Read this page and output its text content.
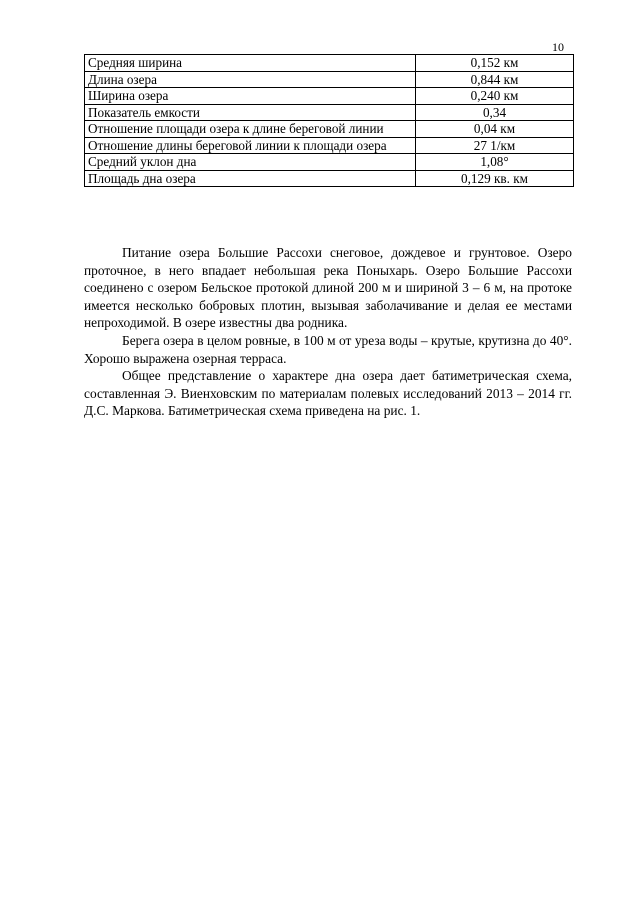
10
Средняя ширина	0,152 км
Длина озера	0,844 км
Ширина озера	0,240 км
Показатель емкости	0,34
Отношение площади озера к длине береговой линии	0,04 км
Отношение длины береговой линии к площади озера	27 1/км
Средний уклон дна	1,08°
Площадь дна озера	0,129 кв. км

Питание озера Большие Рассохи снеговое, дождевое и грунтовое. Озеро проточное, в него впадает небольшая река Поныхарь. Озеро Большие Рассохи соединено с озером Бельское протокой длиной 200 м и шириной 3 – 6 м, на протоке имеется несколько бобровых плотин, вызывая заболачивание и делая ее местами непроходимой. В озере известны два родника.

Берега озера в целом ровные, в 100 м от уреза воды – крутые, крутизна до 40°. Хорошо выражена озерная терраса.

Общее представление о характере дна озера дает батиметрическая схема, составленная Э. Виенховским по материалам полевых исследований 2013 – 2014 гг. Д.С. Маркова. Батиметрическая схема приведена на рис. 1.
